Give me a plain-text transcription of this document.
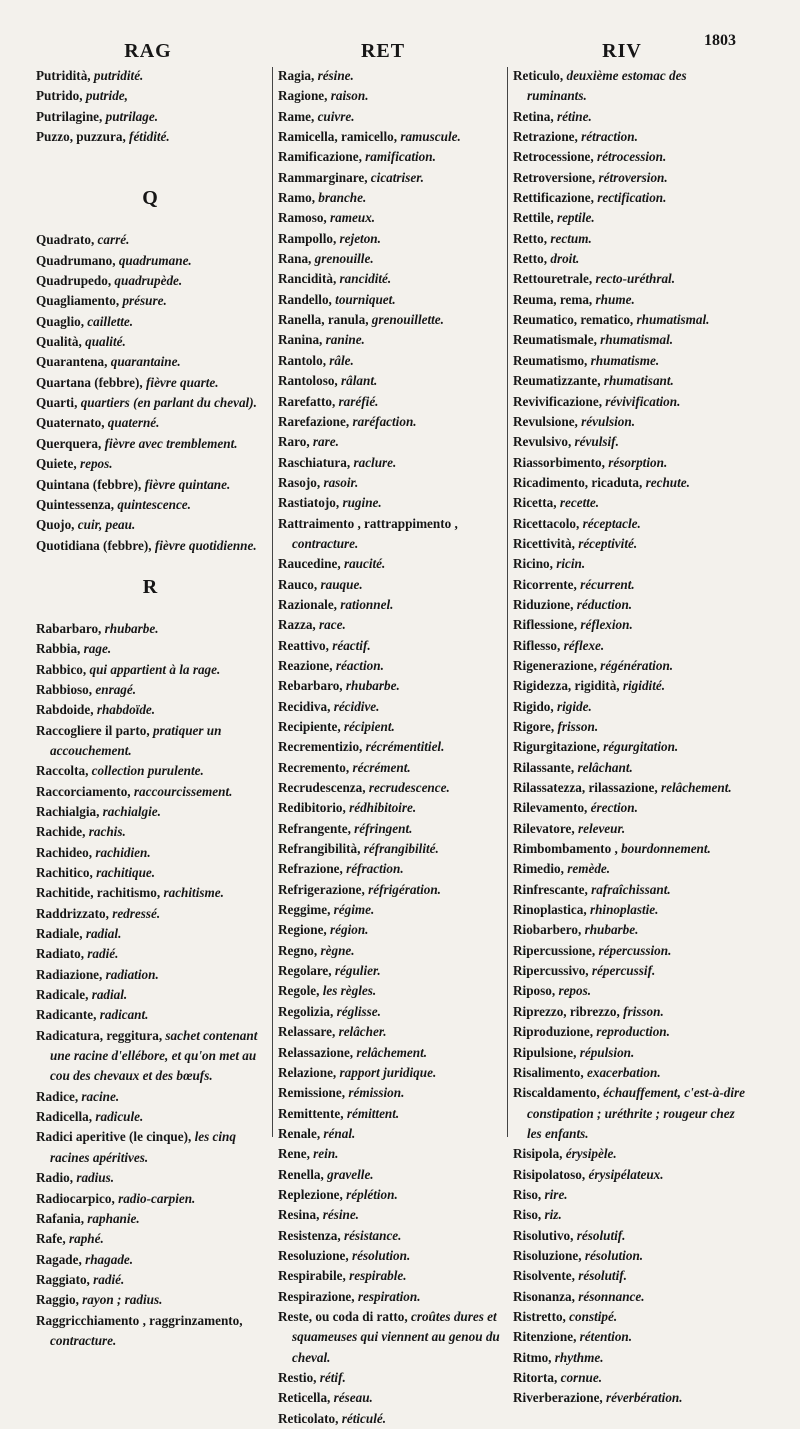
RAG	RET	RIV	1803

Putridità, putridité.

Putrido, putride,

Putrilagine, putrilage.

Puzzo, puzzura, fétidité.

Q

Quadrato, carré.

Quadrumano, quadrumane.

Quadrupedo, quadrupède.

Quagliamento, présure.

Quaglio, caillette.

Qualità, qualité.

Quarantena, quarantaine.

Quartana (febbre), fièvre quarte.

Quarti, quartiers (en parlant du cheval).

Quaternato, quaterné.

Querquera, fièvre avec tremblement.

Quiete, repos.

Quintana (febbre), fièvre quintane.

Quintessenza, quintescence.

Quojo, cuir, peau.

Quotidiana (febbre), fièvre quotidienne.

R

Rabarbaro, rhubarbe.

Rabbia, rage.

Rabbico, qui appartient à la rage.

Rabbioso, enragé.

Rabdoide, rhabdoïde.

Raccogliere il parto, pratiquer un accouchement.

Raccolta, collection purulente.

Raccorciamento, raccourcissement.

Rachialgia, rachialgie.

Rachide, rachis.

Rachideo, rachidien.

Rachitico, rachitique.

Rachitide, rachitismo, rachitisme.

Raddrizzato, redressé.

Radiale, radial.

Radiato, radié.

Radiazione, radiation.

Radicale, radial.

Radicante, radicant.

Radicatura, reggitura, sachet contenant une racine d'ellébore, et qu'on met au cou des chevaux et des bœufs.

Radice, racine.

Radicella, radicule.

Radici aperitive (le cinque), les cinq racines apéritives.

Radio, radius.

Radiocarpico, radio-carpien.

Rafania, raphanie.

Rafe, raphé.

Ragade, rhagade.

Raggiato, radié.

Raggio, rayon ; radius.

Raggricchiamento , raggrinzamento, contracture.

Ragia, résine.

Ragione, raison.

Rame, cuivre.

Ramicella, ramicello, ramuscule.

Ramificazione, ramification.

Rammarginare, cicatriser.

Ramo, branche.

Ramoso, rameux.

Rampollo, rejeton.

Rana, grenouille.

Rancidità, rancidité.

Randello, tourniquet.

Ranella, ranula, grenouillette.

Ranina, ranine.

Rantolo, râle.

Rantoloso, râlant.

Rarefatto, raréfié.

Rarefazione, raréfaction.

Raro, rare.

Raschiatura, raclure.

Rasojo, rasoir.

Rastiatojo, rugine.

Rattraimento , rattrappimento , contracture.

Raucedine, raucité.

Rauco, rauque.

Razionale, rationnel.

Razza, race.

Reattivo, réactif.

Reazione, réaction.

Rebarbaro, rhubarbe.

Recidiva, récidive.

Recipiente, récipient.

Recrementizio, récrémentitiel.

Recremento, récrément.

Recrudescenza, recrudescence.

Redibitorio, rédhibitoire.

Refrangente, réfringent.

Refrangibilità, réfrangibilité.

Refrazione, réfraction.

Refrigerazione, réfrigération.

Reggime, régime.

Regione, région.

Regno, règne.

Regolare, régulier.

Regole, les règles.

Regolizia, réglisse.

Relassare, relâcher.

Relassazione, relâchement.

Relazione, rapport juridique.

Remissione, rémission.

Remittente, rémittent.

Renale, rénal.

Rene, rein.

Renella, gravelle.

Replezione, réplétion.

Resina, résine.

Resistenza, résistance.

Resoluzione, résolution.

Respirabile, respirable.

Respirazione, respiration.

Reste, ou coda di ratto, croûtes dures et squameuses qui viennent au genou du cheval.

Restio, rétif.

Reticella, réseau.

Reticolato, réticulé.

Reticulo, deuxième estomac des ruminants.

Retina, rétine.

Retrazione, rétraction.

Retrocessione, rétrocession.

Retroversione, rétroversion.

Rettificazione, rectification.

Rettile, reptile.

Retto, rectum.

Retto, droit.

Rettouretrale, recto-uréthral.

Reuma, rema, rhume.

Reumatico, rematico, rhumatismal.

Reumatismale, rhumatismal.

Reumatismo, rhumatisme.

Reumatizzante, rhumatisant.

Revivificazione, révivification.

Revulsione, révulsion.

Revulsivo, révulsif.

Riassorbimento, résorption.

Ricadimento, ricaduta, rechute.

Ricetta, recette.

Ricettacolo, réceptacle.

Ricettività, réceptivité.

Ricino, ricin.

Ricorrente, récurrent.

Riduzione, réduction.

Riflessione, réflexion.

Riflesso, réflexe.

Rigenerazione, régénération.

Rigidezza, rigidità, rigidité.

Rigido, rigide.

Rigore, frisson.

Rigurgitazione, régurgitation.

Rilassante, relâchant.

Rilassatezza, rilassazione, relâchement.

Rilevamento, érection.

Rilevatore, releveur.

Rimbombamento , bourdonnement.

Rimedio, remède.

Rinfrescante, rafraîchissant.

Rinoplastica, rhinoplastie.

Riobarbero, rhubarbe.

Ripercussione, répercussion.

Ripercussivo, répercussif.

Riposo, repos.

Riprezzo, ribrezzo, frisson.

Riproduzione, reproduction.

Ripulsione, répulsion.

Risalimento, exacerbation.

Riscaldamento, échauffement, c'est-à-dire constipation ; uréthrite ; rougeur chez les enfants.

Risipola, érysipèle.

Risipolatoso, érysipélateux.

Riso, rire.

Riso, riz.

Risolutivo, résolutif.

Risoluzione, résolution.

Risolvente, résolutif.

Risonanza, résonnance.

Ristretto, constipé.

Ritenzione, rétention.

Ritmo, rhythme.

Ritorta, cornue.

Riverberazione, réverbération.
